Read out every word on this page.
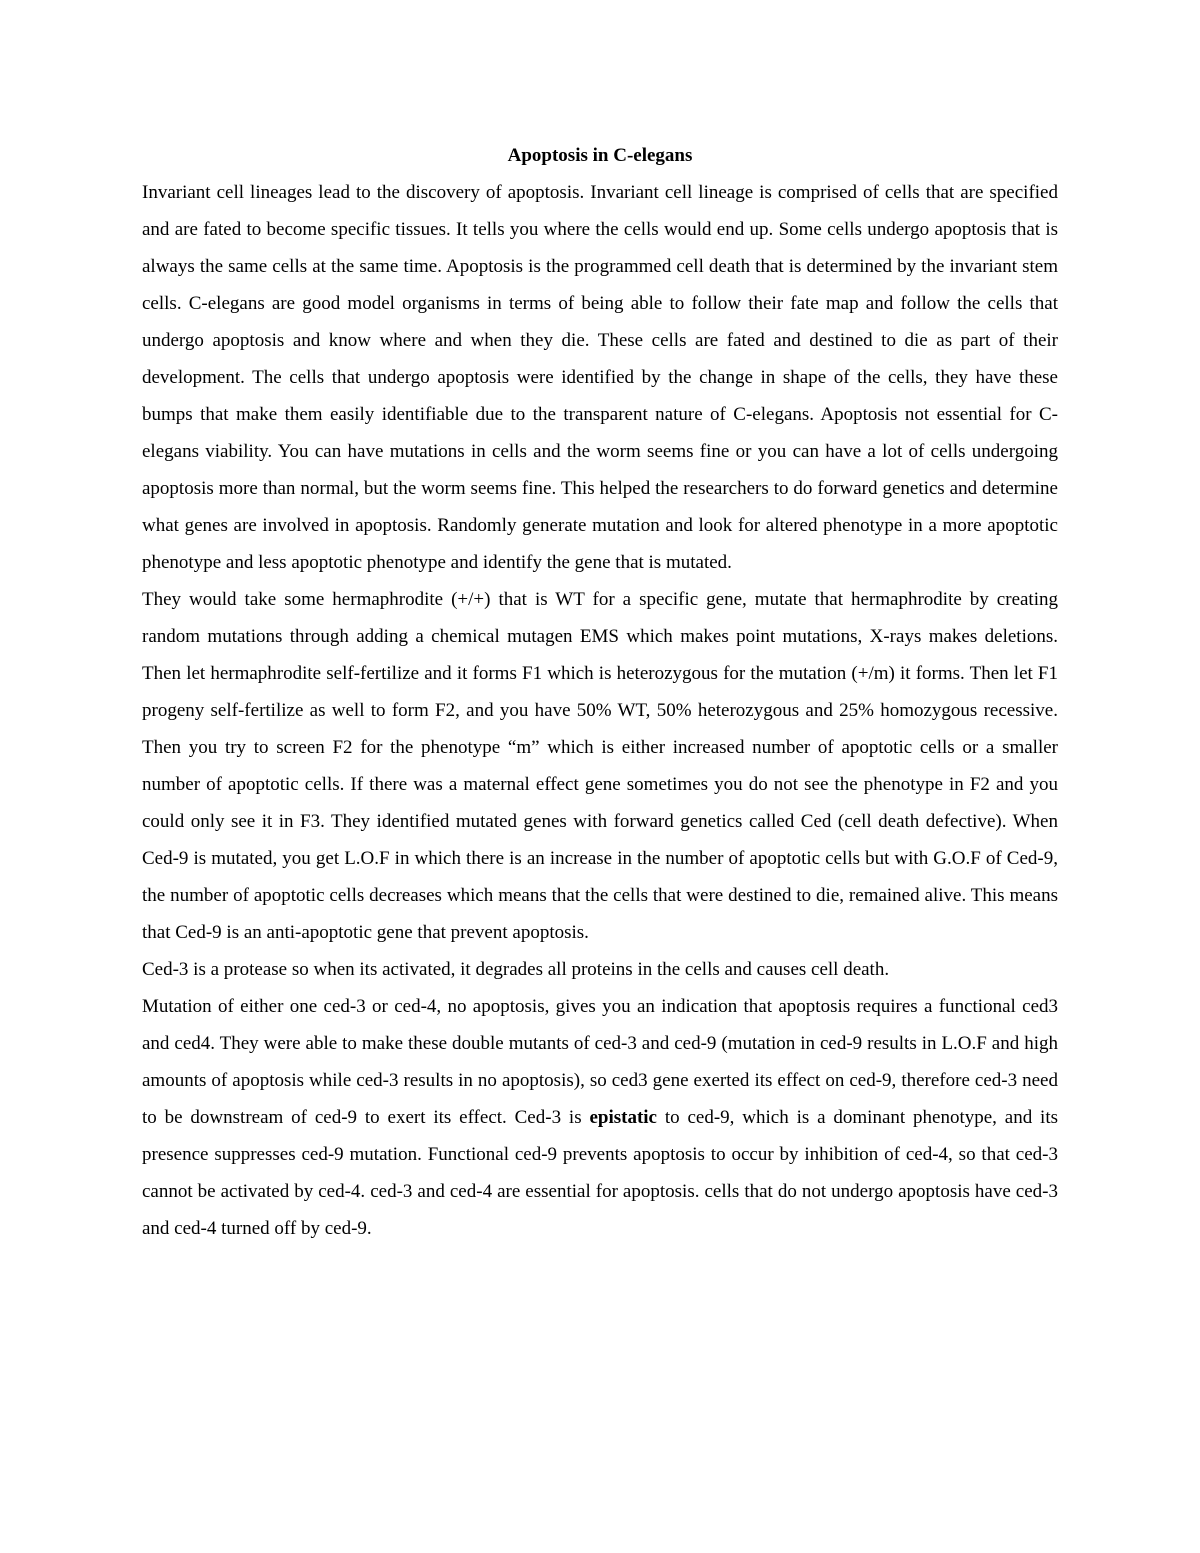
Apoptosis in C-elegans

Invariant cell lineages lead to the discovery of apoptosis. Invariant cell lineage is comprised of cells that are specified and are fated to become specific tissues. It tells you where the cells would end up. Some cells undergo apoptosis that is always the same cells at the same time. Apoptosis is the programmed cell death that is determined by the invariant stem cells. C-elegans are good model organisms in terms of being able to follow their fate map and follow the cells that undergo apoptosis and know where and when they die. These cells are fated and destined to die as part of their development. The cells that undergo apoptosis were identified by the change in shape of the cells, they have these bumps that make them easily identifiable due to the transparent nature of C-elegans. Apoptosis not essential for C-elegans viability. You can have mutations in cells and the worm seems fine or you can have a lot of cells undergoing apoptosis more than normal, but the worm seems fine. This helped the researchers to do forward genetics and determine what genes are involved in apoptosis. Randomly generate mutation and look for altered phenotype in a more apoptotic phenotype and less apoptotic phenotype and identify the gene that is mutated.

They would take some hermaphrodite (+/+) that is WT for a specific gene, mutate that hermaphrodite by creating random mutations through adding a chemical mutagen EMS which makes point mutations, X-rays makes deletions. Then let hermaphrodite self-fertilize and it forms F1 which is heterozygous for the mutation (+/m) it forms. Then let F1 progeny self-fertilize as well to form F2, and you have 50% WT, 50% heterozygous and 25% homozygous recessive. Then you try to screen F2 for the phenotype “m” which is either increased number of apoptotic cells or a smaller number of apoptotic cells. If there was a maternal effect gene sometimes you do not see the phenotype in F2 and you could only see it in F3. They identified mutated genes with forward genetics called Ced (cell death defective). When Ced-9 is mutated, you get L.O.F in which there is an increase in the number of apoptotic cells but with G.O.F of Ced-9, the number of apoptotic cells decreases which means that the cells that were destined to die, remained alive. This means that Ced-9 is an anti-apoptotic gene that prevent apoptosis.

Ced-3 is a protease so when its activated, it degrades all proteins in the cells and causes cell death.

Mutation of either one ced-3 or ced-4, no apoptosis, gives you an indication that apoptosis requires a functional ced3 and ced4. They were able to make these double mutants of ced-3 and ced-9 (mutation in ced-9 results in L.O.F and high amounts of apoptosis while ced-3 results in no apoptosis), so ced3 gene exerted its effect on ced-9, therefore ced-3 need to be downstream of ced-9 to exert its effect. Ced-3 is epistatic to ced-9, which is a dominant phenotype, and its presence suppresses ced-9 mutation. Functional ced-9 prevents apoptosis to occur by inhibition of ced-4, so that ced-3 cannot be activated by ced-4. ced-3 and ced-4 are essential for apoptosis. cells that do not undergo apoptosis have ced-3 and ced-4 turned off by ced-9.
